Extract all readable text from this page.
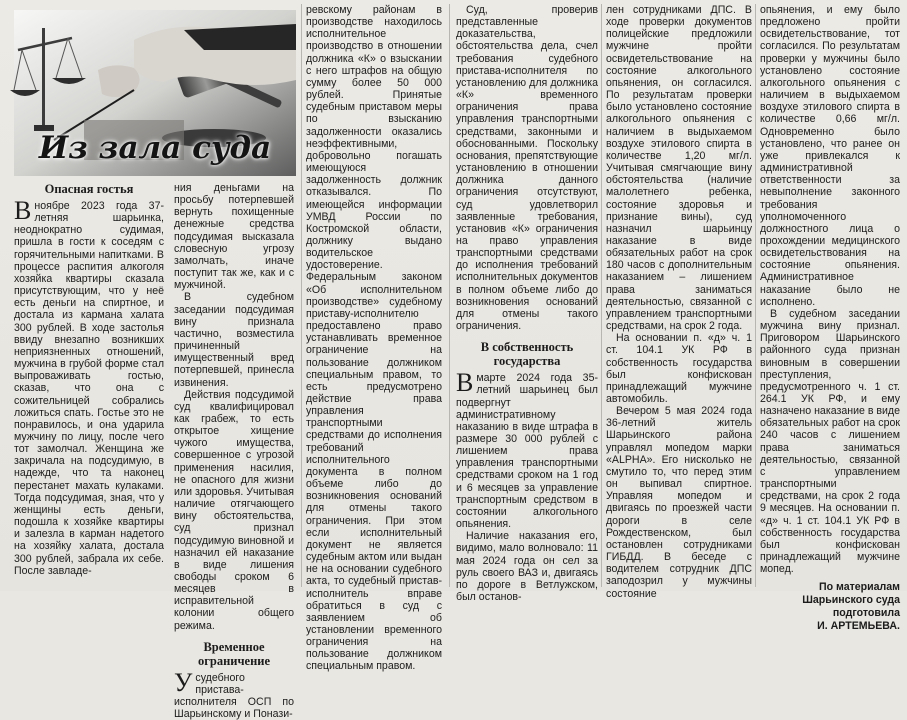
Из зала суда
Опасная гостья

Вноябре 2023 года 37-летняя шарьинка, неоднократно судимая, пришла в гости к соседям с горячительными напитками. В процессе распития алкоголя хозяйка квартиры сказала присутствующим, что у неё есть деньги на спиртное, и достала из кармана халата 300 рублей. В ходе застолья ввиду внезапно возникших неприязненных отношений, мужчина в грубой форме стал выпроваживать гостью, сказав, что она с сожительницей собрались ложиться спать. Гостье это не понравилось, и она ударила мужчину по лицу, после чего тот замолчал. Женщина же закричала на подсудимую, в надежде, что та наконец перестанет махать кулаками. Тогда подсудимая, зная, что у женщины есть деньги, подошла к хозяйке квартиры и залезла в карман надетого на хозяйку халата, достала 300 рублей, забрала их себе. После завладе-

ния деньгами на просьбу потерпевшей вернуть похищенные денежные средства подсудимая высказала словесную угрозу замолчать, иначе поступит так же, как и с мужчиной.

В судебном заседании подсудимая вину признала частично, возместила причиненный имущественный вред потерпевшей, принесла извинения.

Действия подсудимой суд квалифицировал как грабеж, то есть открытое хищение чужого имущества, совершенное с угрозой применения насилия, не опасного для жизни или здоровья. Учитывая наличие отягчающего вину обстоятельства, суд признал подсудимую виновной и назначил ей наказание в виде лишения свободы сроком 6 месяцев в исправительной колонии общего режима.

Временное ограничение

Усудебного пристава-исполнителя ОСП по Шарьинскому и Понази-

ревскому районам в производстве находилось исполнительное производство в отношении должника «К» о взыскании с него штрафов на общую сумму более 50 000 рублей. Принятые судебным приставом меры по взысканию задолженности оказались неэффективными, добровольно погашать имеющуюся задолженность должник отказывался. По имеющейся информации УМВД России по Костромской области, должнику выдано водительское удостоверение. Федеральным законом «Об исполнительном производстве» судебному приставу-исполнителю предоставлено право устанавливать временное ограничение на пользование должником специальным правом, то есть предусмотрено действие права управления транспортными средствами до исполнения требований исполнительного документа в полном объеме либо до возникновения оснований для отмены такого ограничения. При этом если исполнительный документ не является судебным актом или выдан не на основании судебного акта, то судебный пристав-исполнитель вправе обратиться в суд с заявлением об установлении временного ограничения на пользование должником специальным правом.

Суд, проверив представленные доказательства, обстоятельства дела, счел требования судебного пристава-исполнителя по установлению для должника «К» временного ограничения права управления транспортными средствами, законными и обоснованными. Поскольку основания, препятствующие установлению в отношении должника данного ограничения отсутствуют, суд удовлетворил заявленные требования, установив «К» ограничения на право управления транспортными средствами до исполнения требований исполнительных документов в полном объеме либо до возникновения оснований для отмены такого ограничения.

В собственность государства

Вмарте 2024 года 35-летний шарьинец был подвергнут административному наказанию в виде штрафа в размере 30 000 рублей с лишением права управления транспортными средствами сроком на 1 год и 6 месяцев за управление транспортным средством в состоянии алкогольного опьянения.

Наличие наказания его, видимо, мало волновало: 11 мая 2024 года он сел за руль своего ВАЗ и, двигаясь по дороге в Ветлужском, был останов-

лен сотрудниками ДПС. В ходе проверки документов полицейские предложили мужчине пройти освидетельствование на состояние алкогольного опьянения, он согласился. По результатам проверки было установлено состояние алкогольного опьянения с наличием в выдыхаемом воздухе этилового спирта в количестве 1,20 мг/л. Учитывая смягчающие вину обстоятельства (наличие малолетнего ребенка, состояние здоровья и признание вины), суд назначил шарьинцу наказание в виде обязательных работ на срок 180 часов с дополнительным наказанием – лишением права заниматься деятельностью, связанной с управлением транспортными средствами, на срок 2 года.

На основании п. «д» ч. 1 ст. 104.1 УК РФ в собственность государства был конфискован принадлежащий мужчине автомобиль.

Вечером 5 мая 2024 года 36-летний житель Шарьинского района управлял мопедом марки «ALPHA». Его нисколько не смутило то, что перед этим он выпивал спиртное. Управляя мопедом и двигаясь по проезжей части дороги в селе Рождественском, был остановлен сотрудниками ГИБДД. В беседе с водителем сотрудник ДПС заподозрил у мужчины состояние

опьянения, и ему было предложено пройти освидетельствование, тот согласился. По результатам проверки у мужчины было установлено состояние алкогольного опьянения с наличием в выдыхаемом воздухе этилового спирта в количестве 0,66 мг/л. Одновременно было установлено, что ранее он уже привлекался к административной ответственности за невыполнение законного требования уполномоченного должностного лица о прохождении медицинского освидетельствования на состояние опьянения. Административное наказание было не исполнено.

В судебном заседании мужчина вину признал. Приговором Шарьинского районного суда признан виновным в совершении преступления, предусмотренного ч. 1 ст. 264.1 УК РФ, и ему назначено наказание в виде обязательных работ на срок 240 часов с лишением права заниматься деятельностью, связанной с управлением транспортными средствами, на срок 2 года 9 месяцев. На основании п. «д» ч. 1 ст. 104.1 УК РФ в собственность государства был конфискован принадлежащий мужчине мопед.

По материалам
Шарьинского суда
подготовила
И. АРТЕМЬЕВА.
